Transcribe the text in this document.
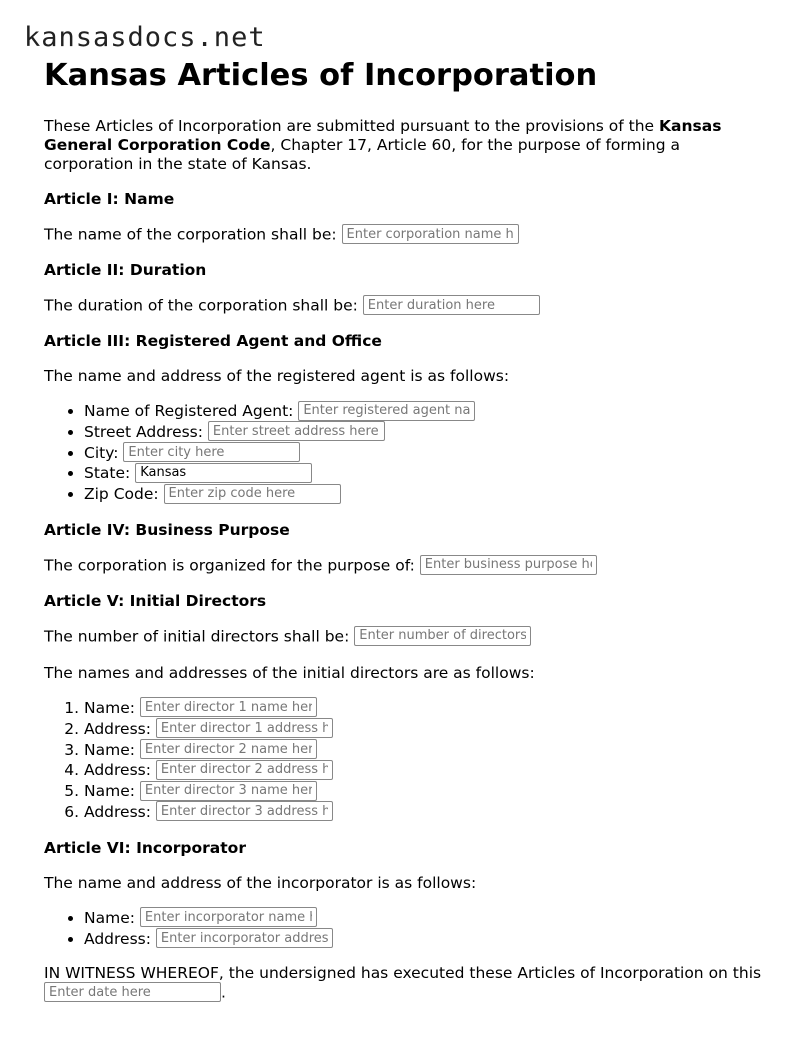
kansasdocs.net
Kansas Articles of Incorporation

These Articles of Incorporation are submitted pursuant to the provisions of the Kansas General Corporation Code, Chapter 17, Article 60, for the purpose of forming a corporation in the state of Kansas.

Article I: Name

The name of the corporation shall be: Enter corporation name here

Article II: Duration

The duration of the corporation shall be: Enter duration here

Article III: Registered Agent and Office

The name and address of the registered agent is as follows:

• Name of Registered Agent: Enter registered agent name
• Street Address: Enter street address here
• City: Enter city here
• State: Kansas
• Zip Code: Enter zip code here
Article IV: Business Purpose

The corporation is organized for the purpose of: Enter business purpose here

Article V: Initial Directors

The number of initial directors shall be: Enter number of directors

The names and addresses of the initial directors are as follows:

1. Name: Enter director 1 name here
2. Address: Enter director 1 address here
3. Name: Enter director 2 name here
4. Address: Enter director 2 address here
5. Name: Enter director 3 name here
6. Address: Enter director 3 address here
Article VI: Incorporator

The name and address of the incorporator is as follows:

• Name: Enter incorporator name here
• Address: Enter incorporator address here

IN WITNESS WHEREOF, the undersigned has executed these Articles of Incorporation on this Enter date here.
